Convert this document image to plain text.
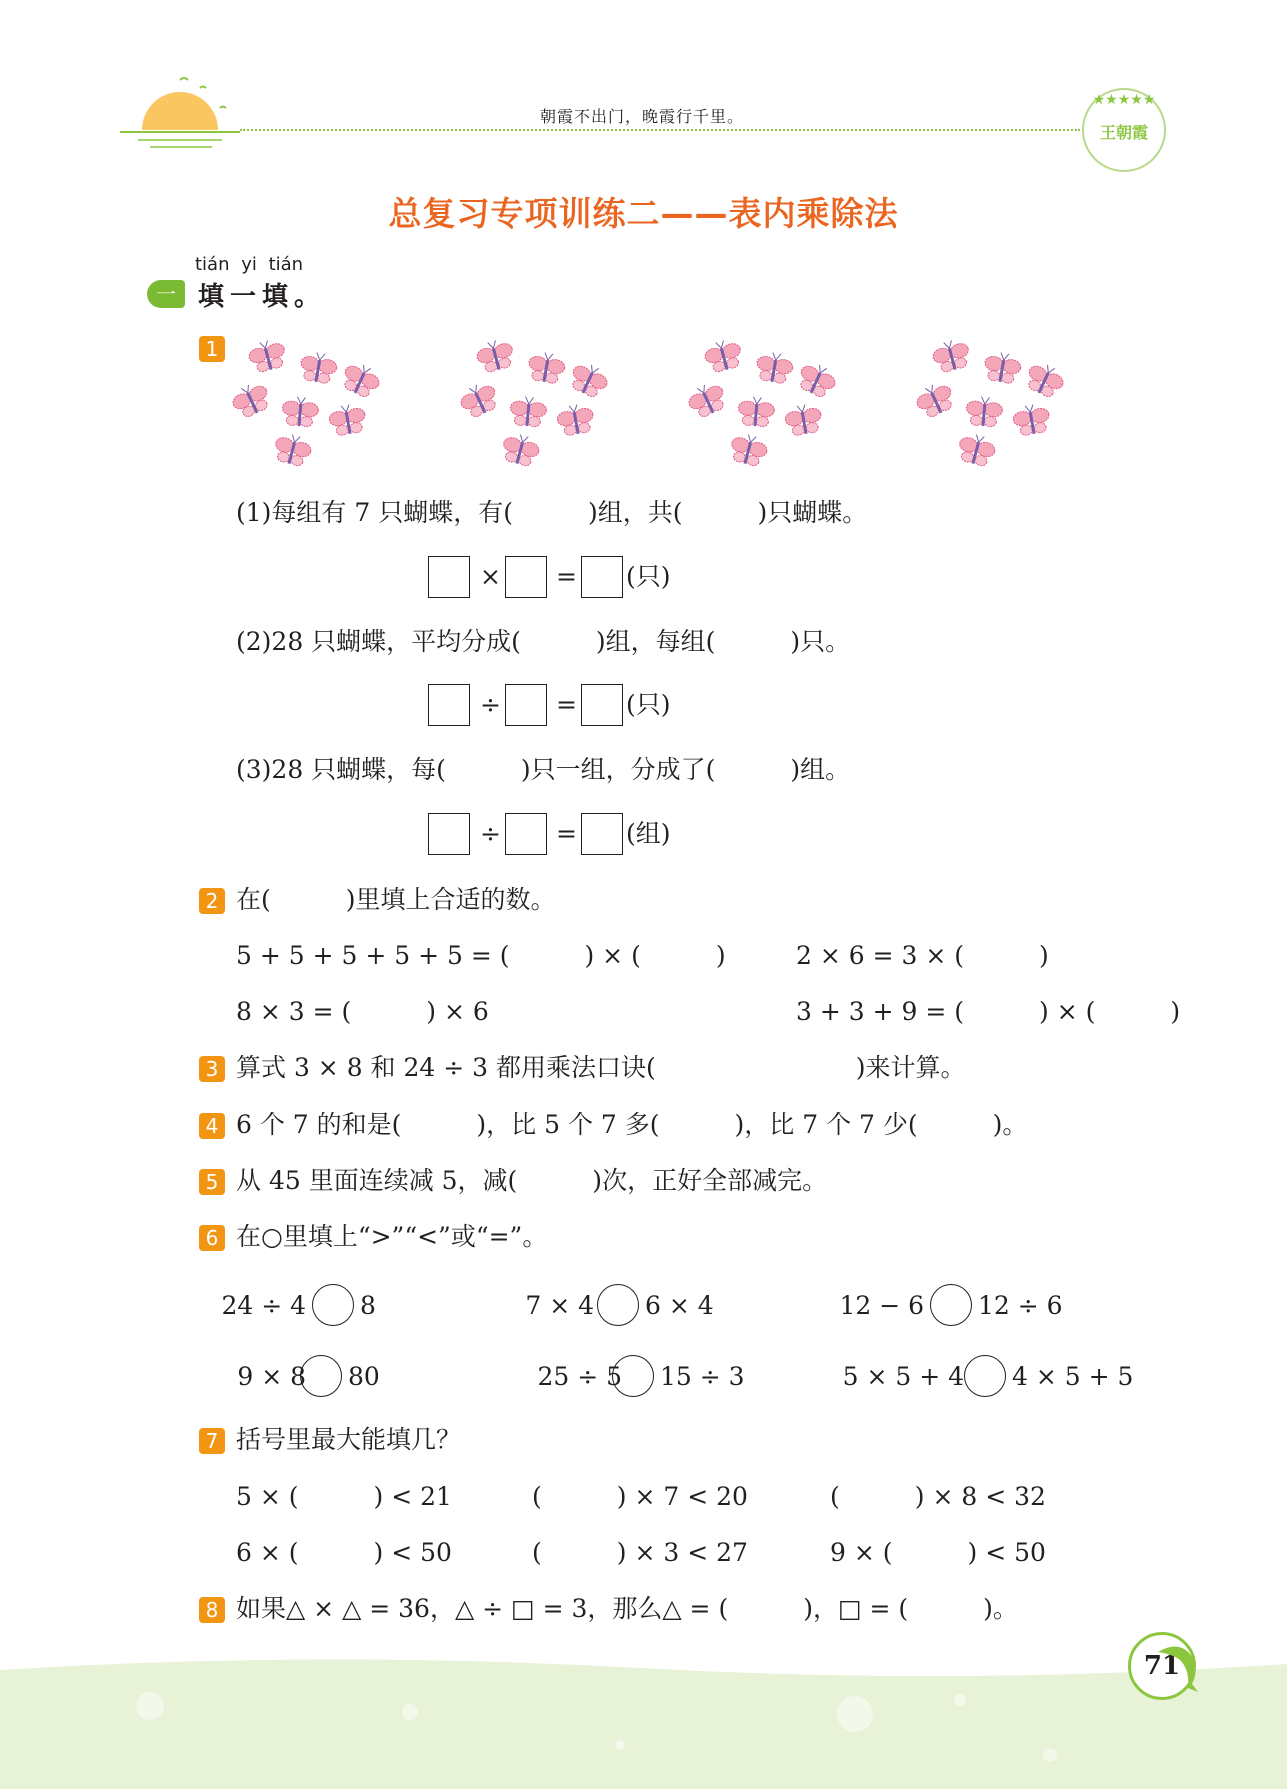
朝霞不出门，晚霞行千里。
★★★★★
王朝霞
总复习专项训练二——表内乘除法
tián yi tián
一 填一填。
1
(1)每组有 7 只蝴蝶，有(　　　)组，共(　　　)只蝴蝶。
× = (只)
(2)28 只蝴蝶，平均分成(　　　)组，每组(　　　)只。
÷ = (只)
(3)28 只蝴蝶，每(　　　)只一组，分成了(　　　)组。
÷ = (组)
2 在(　　　)里填上合适的数。
5 + 5 + 5 + 5 + 5 = (　　　) × (　　　)	2 × 6 = 3 × (　　　)
8 × 3 = (　　　) × 6	3 + 3 + 9 = (　　　) × (　　　)
3 算式 3 × 8 和 24 ÷ 3 都用乘法口诀(　　　　　　　　)来计算。
4 6 个 7 的和是(　　　)，比 5 个 7 多(　　　)，比 7 个 7 少(　　　)。
5 从 45 里面连续减 5，减(　　　)次，正好全部减完。
6 在○里填上“>”“<”或“=”。
24 ÷ 4 8	7 × 4 6 × 4	12 − 6 12 ÷ 6
9 × 8 80	25 ÷ 5 15 ÷ 3	5 × 5 + 4 4 × 5 + 5
7 括号里最大能填几？
5 × (　　　) < 21	(　　　) × 7 < 20	(　　　) × 8 < 32
6 × (　　　) < 50	(　　　) × 3 < 27	9 × (　　　) < 50
8 如果△ × △ = 36，△ ÷ □ = 3，那么△ = (　　　)，□ = (　　　)。
71
